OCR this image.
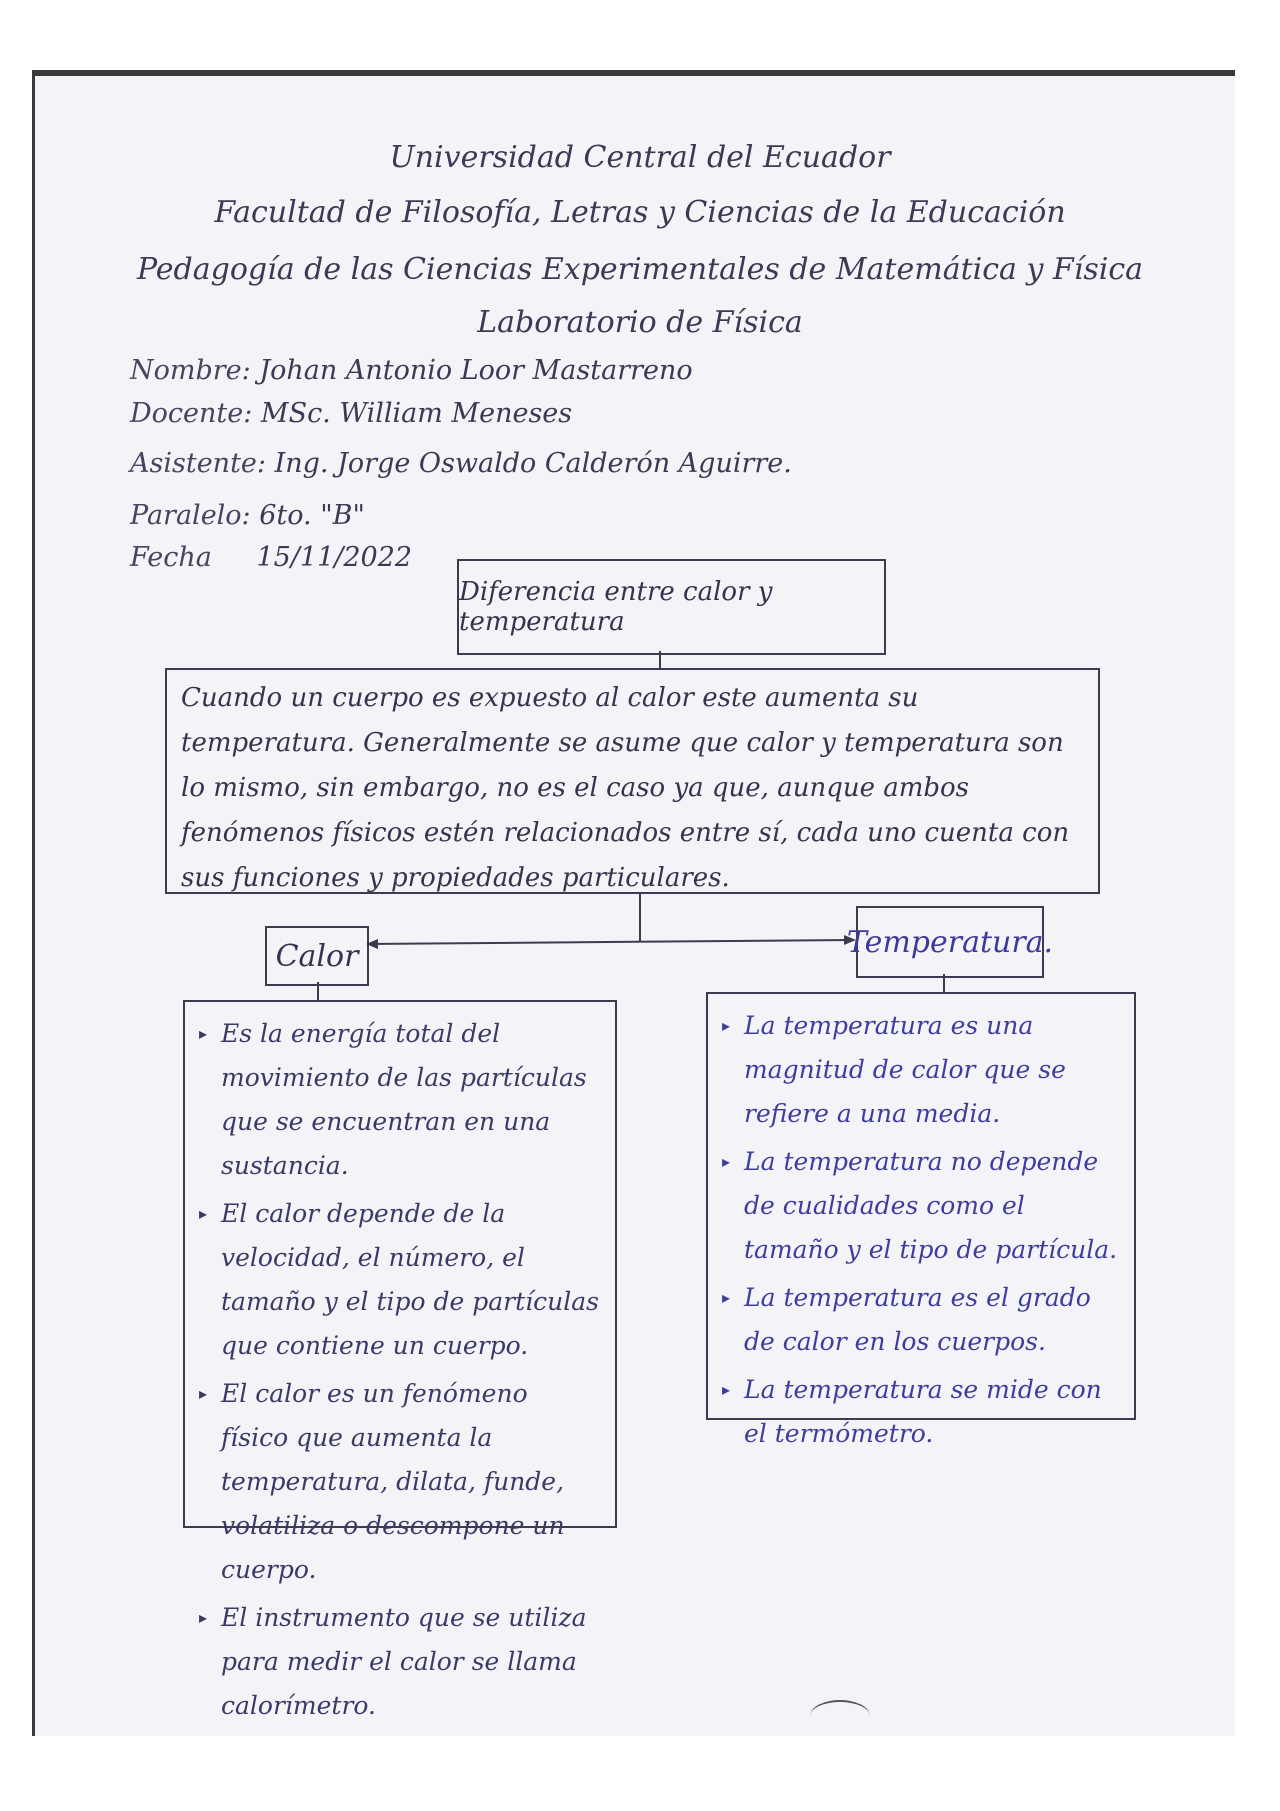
Universidad Central del Ecuador
Facultad de Filosofía, Letras y Ciencias de la Educación
Pedagogía de las Ciencias Experimentales de Matemática y Física
Laboratorio de Física
Nombre: Johan Antonio Loor Mastarreno
Docente: MSc. William Meneses
Asistente: Ing. Jorge Oswaldo Calderón Aguirre.
Paralelo: 6to. "B"
Fecha 15/11/2022
Diferencia entre calor y temperatura
Cuando un cuerpo es expuesto al calor este aumenta su temperatura. Generalmente se asume que calor y temperatura son lo mismo, sin embargo, no es el caso ya que, aunque ambos fenómenos físicos estén relacionados entre sí, cada uno cuenta con sus funciones y propiedades particulares.
Calor	Temperatura.
▸ Es la energía total del movimiento de las partículas que se encuentran en una sustancia.
▸ El calor depende de la velocidad, el número, el tamaño y el tipo de partículas que contiene un cuerpo.
▸ El calor es un fenómeno físico que aumenta la temperatura, dilata, funde, volatiliza o descompone un cuerpo.
▸ El instrumento que se utiliza para medir el calor se llama calorímetro.
▸ La temperatura es una magnitud de calor que se refiere a una media.
▸ La temperatura no depende de cualidades como el tamaño y el tipo de partícula.
▸ La temperatura es el grado de calor en los cuerpos.
▸ La temperatura se mide con el termómetro.
